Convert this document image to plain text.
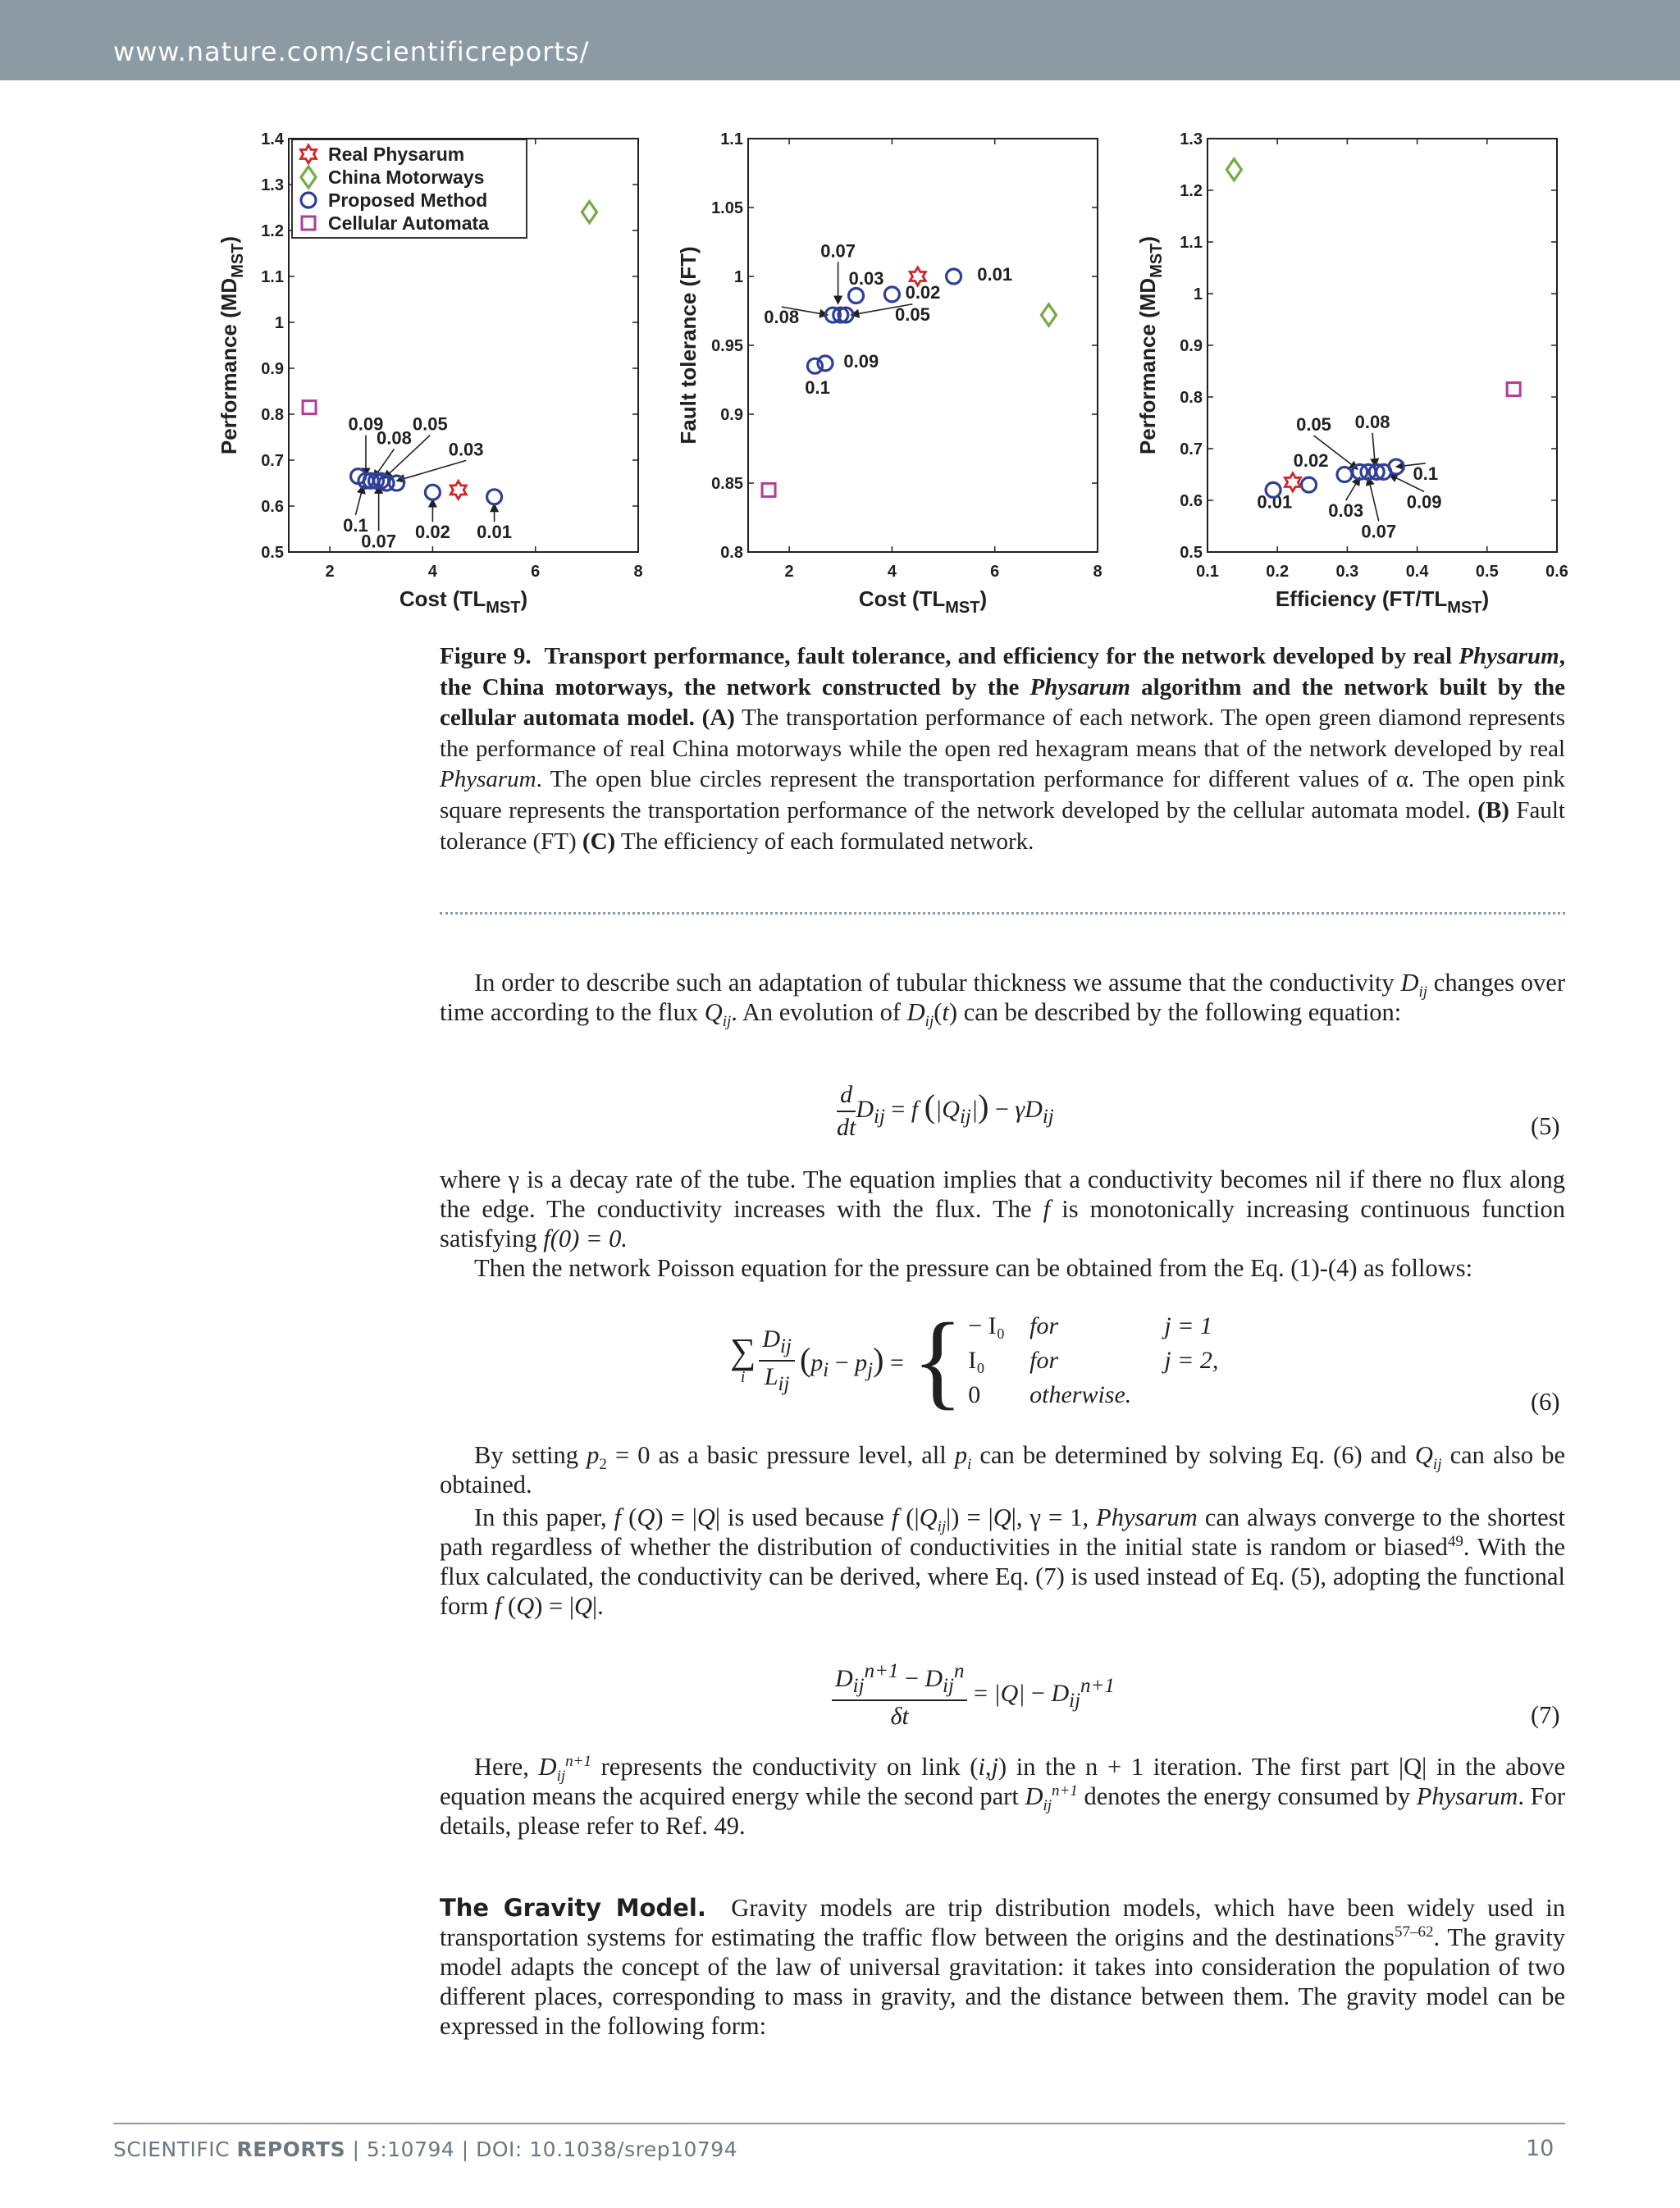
www.nature.com/scientificreports/
2	4	6	8
0.5
0.6
0.7
0.8
0.9
1
1.1
1.2
1.3
1.4
Cost $(TL_{MST})$
Performance $(MD_{MST})$
0.09
0.08
0.05
0.03
0.1
0.07 0.02 0.01
Real Physarum
China Motorways
Proposed Method
Cellular Automata
2	4	6	8
0.8
0.85
0.9
0.95
1
1.05
1.1
Cost $(TL_{MST})$
Fault tolerance (FT)	0.07
0.03
0.02
0.01
0.08	0.05
0.09
0.1
0.1	0.2	0.3	0.4	0.5	0.6
0.5
0.6
0.7
0.8
0.9
1
1.1
1.2
1.3
Efficiency $(FT/TL_{MST})$
Performance $(MD_{MST})$
0.05 0.08
0.02
0.1
0.01 0.03 0.09
0.07
Figure 9. Transport performance, fault tolerance, and efficiency for the network developed by real Physarum, the China motorways, the network constructed by the Physarum algorithm and the network built by the cellular automata model. (A) The transportation performance of each network. The open green diamond represents the performance of real China motorways while the open red hexagram means that of the network developed by real Physarum. The open blue circles represent the transportation performance for different values of α. The open pink square represents the transportation performance of the network developed by the cellular automata model. (B) Fault tolerance (FT) (C) The efficiency of each formulated network.

In order to describe such an adaptation of tubular thickness we assume that the conductivity $D_{ij}$ changes over time according to the flux $Q_{ij}$. An evolution of $D_{ij}(t)$ can be described by the following equation:

$\frac{d}{dt} D_{ij} = f$ $(|Q_{ij}|) - \gamma D_{ij}$	(5)

where γ is a decay rate of the tube. The equation implies that a conductivity becomes nil if there no flux along the edge. The conductivity increases with the flux. The f is monotonically increasing continuous function satisfying f(0) = 0.

Then the network Poisson equation for the pressure can be obtained from the Eq. (1)-(4) as follows:

∑
i $\frac{D_{ij}}{L_{ij}} (p_i - p_j)$ = { − I₀	for	j = 1
I₀	for	j = 2,
0	otherwise.		(6)

By setting $p_2 = 0$ as a basic pressure level, all $p_i$ can be determined by solving Eq. (6) and $Q_{ij}$ can also be obtained.

In this paper, f (Q) = |Q| is used because f $(|Q_{ij}|) = |Q|$, γ = 1, Physarum can always converge to the shortest path regardless of whether the distribution of conductivities in the initial state is random or biased$^{49}$. With the flux calculated, the conductivity can be derived, where Eq. (7) is used instead of Eq. (5), adopting the functional form f (Q) = |Q|.

$\frac{D_{ij}^{n+1} - D_{ij}^n}{\delta t} = |Q| - D_{ij}^{n+1}$
(7)

Here, $D_{ij}^{n+1}$ represents the conductivity on link (i,j) in the n + 1 iteration. The first part |Q| in the above equation means the acquired energy while the second part $D_{ij}^{n+1}$ denotes the energy consumed by Physarum. For details, please refer to Ref. 49.

The Gravity Model. Gravity models are trip distribution models, which have been widely used in transportation systems for estimating the traffic flow between the origins and the destinations$^{57-62}$. The gravity model adapts the concept of the law of universal gravitation: it takes into consideration the population of two different places, corresponding to mass in gravity, and the distance between them. The gravity model can be expressed in the following form:

SCIENTIFIC REPORTS | 5:10794 | DOI: 10.1038/srep10794	10
